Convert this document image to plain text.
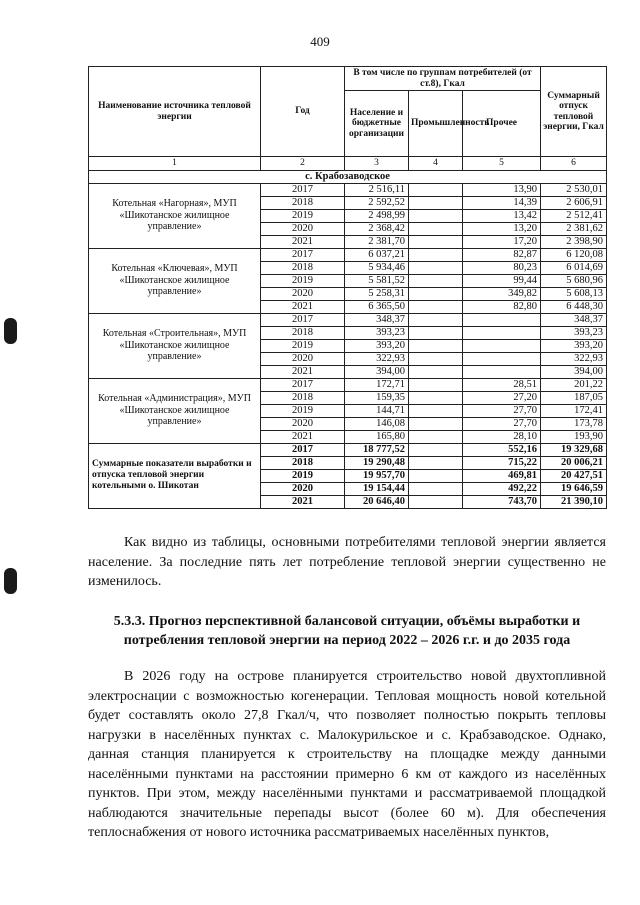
409
Наименование источника тепловой энергии	Год	В том числе по группам потребителей (от ст.8), Гкал			Суммарный отпуск тепловой энергии, Гкал
		Население и бюджетные организации	Промышленность	Прочее	
1	2	3	4	5	6
с. Крабозаводское					
Котельная «Нагорная», МУП «Шикотанское жилищное управление»	2017	2 516,11		13,90	2 530,01
	2018	2 592,52		14,39	2 606,91
	2019	2 498,99		13,42	2 512,41
	2020	2 368,42		13,20	2 381,62
	2021	2 381,70		17,20	2 398,90
Котельная «Ключевая», МУП «Шикотанское жилищное управление»	2017	6 037,21		82,87	6 120,08
	2018	5 934,46		80,23	6 014,69
	2019	5 581,52		99,44	5 680,96
	2020	5 258,31		349,82	5 608,13
	2021	6 365,50		82,80	6 448,30
Котельная «Строительная», МУП «Шикотанское жилищное управление»	2017	348,37			348,37
	2018	393,23			393,23
	2019	393,20			393,20
	2020	322,93			322,93
	2021	394,00			394,00
Котельная «Администрация», МУП «Шикотанское жилищное управление»	2017	172,71		28,51	201,22
	2018	159,35		27,20	187,05
	2019	144,71		27,70	172,41
	2020	146,08		27,70	173,78
	2021	165,80		28,10	193,90
Суммарные показатели выработки и отпуска тепловой энергии котельными о. Шикотан	2017	18 777,52		552,16	19 329,68
	2018	19 290,48		715,22	20 006,21
	2019	19 957,70		469,81	20 427,51
	2020	19 154,44		492,22	19 646,59
	2021	20 646,40		743,70	21 390,10

Как видно из таблицы, основными потребителями тепловой энергии является население. За последние пять лет потребление тепловой энергии существенно не изменилось.

5.3.3. Прогноз перспективной балансовой ситуации, объёмы выработки и потребления тепловой энергии на период 2022 – 2026 г.г. и до 2035 года

В 2026 году на острове планируется строительство новой двухтопливной электроснации с возможностью когенерации. Тепловая мощность новой котельной будет составлять около 27,8 Гкал/ч, что позволяет полностью покрыть тепловы нагрузки в населённых пунктах с. Малокурильское и с. Крабзаводское. Однако, данная станция планируется к строительству на площадке между данными населёнными пунктами на расстоянии примерно 6 км от каждого из населённых пунктов. При этом, между населёнными пунктами и рассматриваемой площадкой наблюдаются значительные перепады высот (более 60 м). Для обеспечения теплоснабжения от нового источника рассматриваемых населённых пунктов,
